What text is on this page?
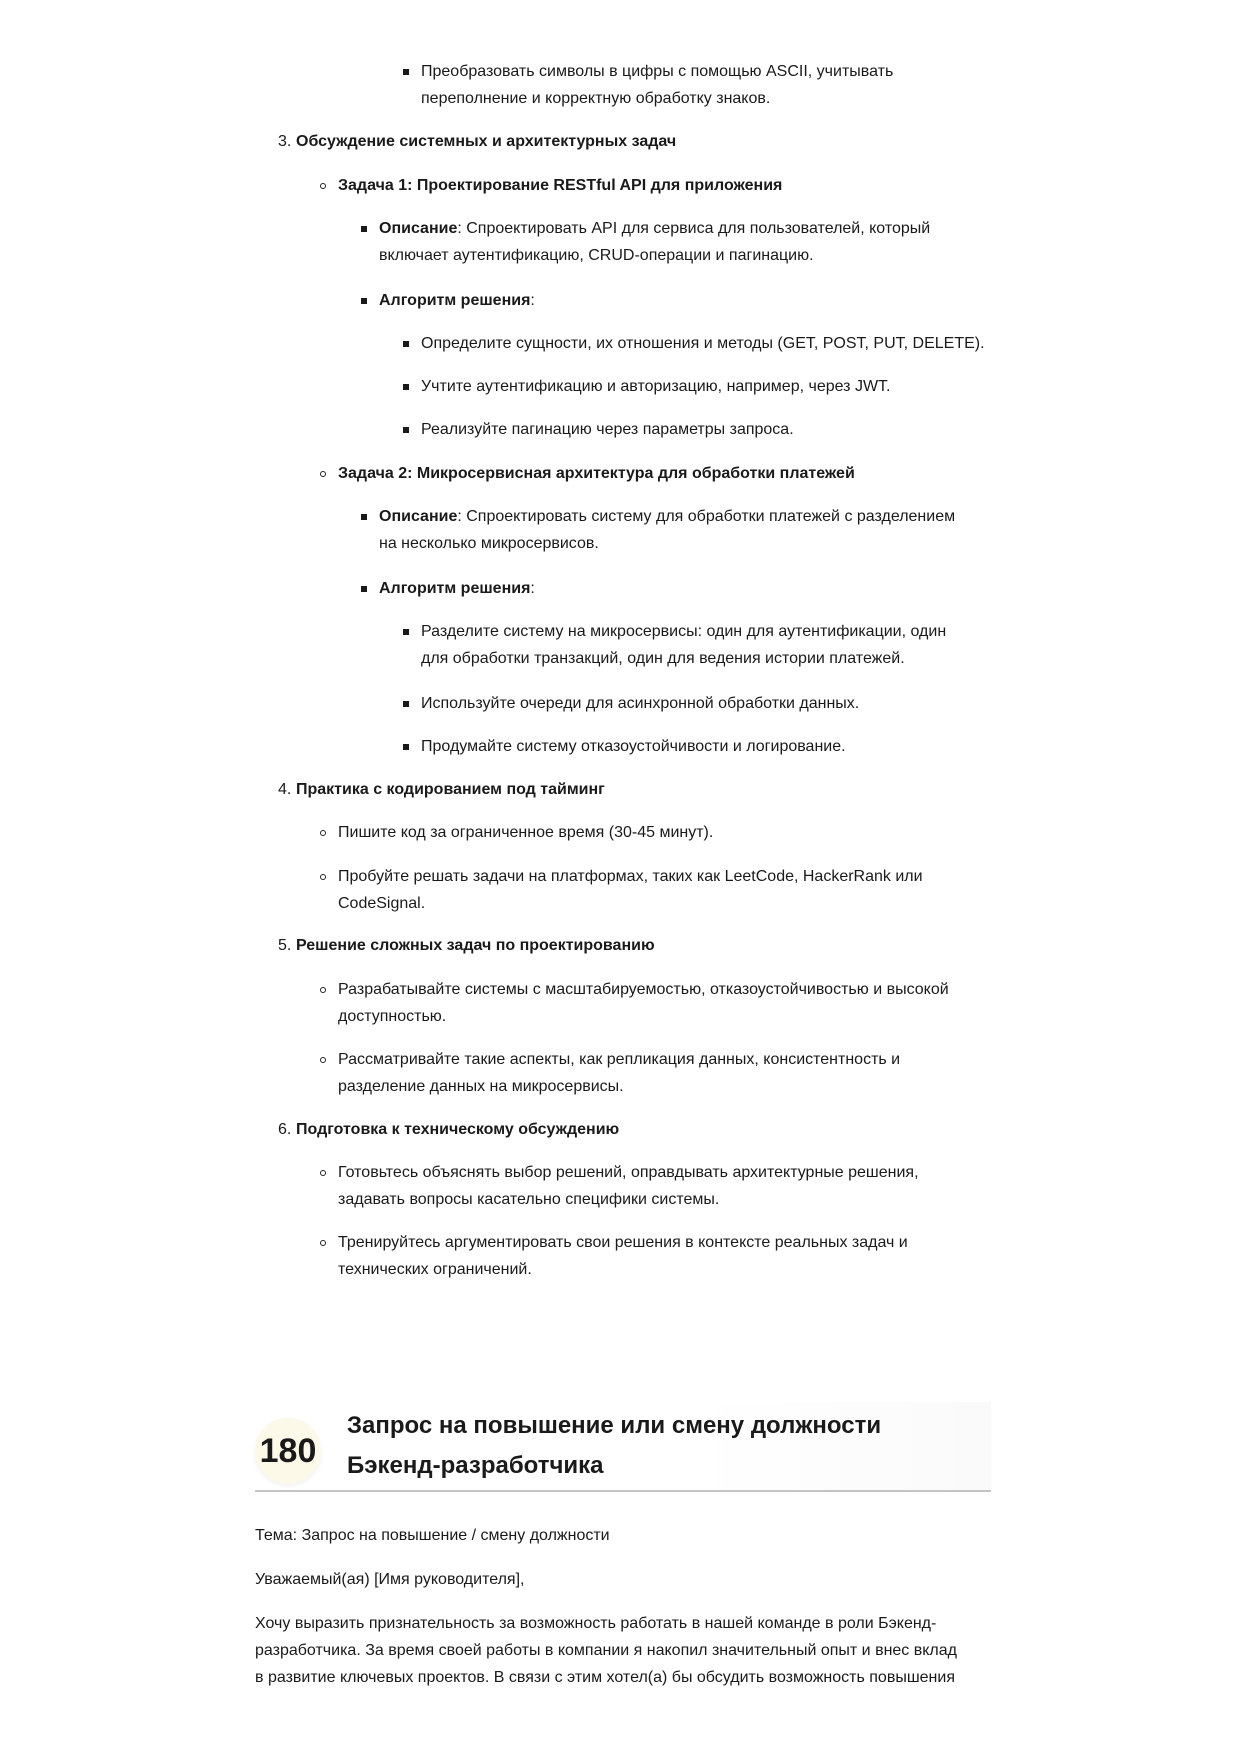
Преобразовать символы в цифры с помощью ASCII, учитывать
переполнение и корректную обработку знаков.
3. Обсуждение системных и архитектурных задач
Задача 1: Проектирование RESTful API для приложения
Описание: Спроектировать API для сервиса для пользователей, который
включает аутентификацию, CRUD-операции и пагинацию.
Алгоритм решения:
Определите сущности, их отношения и методы (GET, POST, PUT, DELETE).
Учтите аутентификацию и авторизацию, например, через JWT.
Реализуйте пагинацию через параметры запроса.
Задача 2: Микросервисная архитектура для обработки платежей
Описание: Спроектировать систему для обработки платежей с разделением
на несколько микросервисов.
Алгоритм решения:
Разделите систему на микросервисы: один для аутентификации, один
для обработки транзакций, один для ведения истории платежей.
Используйте очереди для асинхронной обработки данных.
Продумайте систему отказоустойчивости и логирование.
4. Практика с кодированием под тайминг
Пишите код за ограниченное время (30-45 минут).
Пробуйте решать задачи на платформах, таких как LeetCode, HackerRank или
CodeSignal.
5. Решение сложных задач по проектированию
Разрабатывайте системы с масштабируемостью, отказоустойчивостью и высокой
доступностью.
Рассматривайте такие аспекты, как репликация данных, консистентность и
разделение данных на микросервисы.
6. Подготовка к техническому обсуждению
Готовьтесь объяснять выбор решений, оправдывать архитектурные решения,
задавать вопросы касательно специфики системы.
Тренируйтесь аргументировать свои решения в контексте реальных задач и
технических ограничений.
180
Запрос на повышение или смену должности
Бэкенд-разработчика
Тема: Запрос на повышение / смену должности
Уважаемый(ая) [Имя руководителя],
Хочу выразить признательность за возможность работать в нашей команде в роли Бэкенд-
разработчика. За время своей работы в компании я накопил значительный опыт и внес вклад
в развитие ключевых проектов. В связи с этим хотел(а) бы обсудить возможность повышения
